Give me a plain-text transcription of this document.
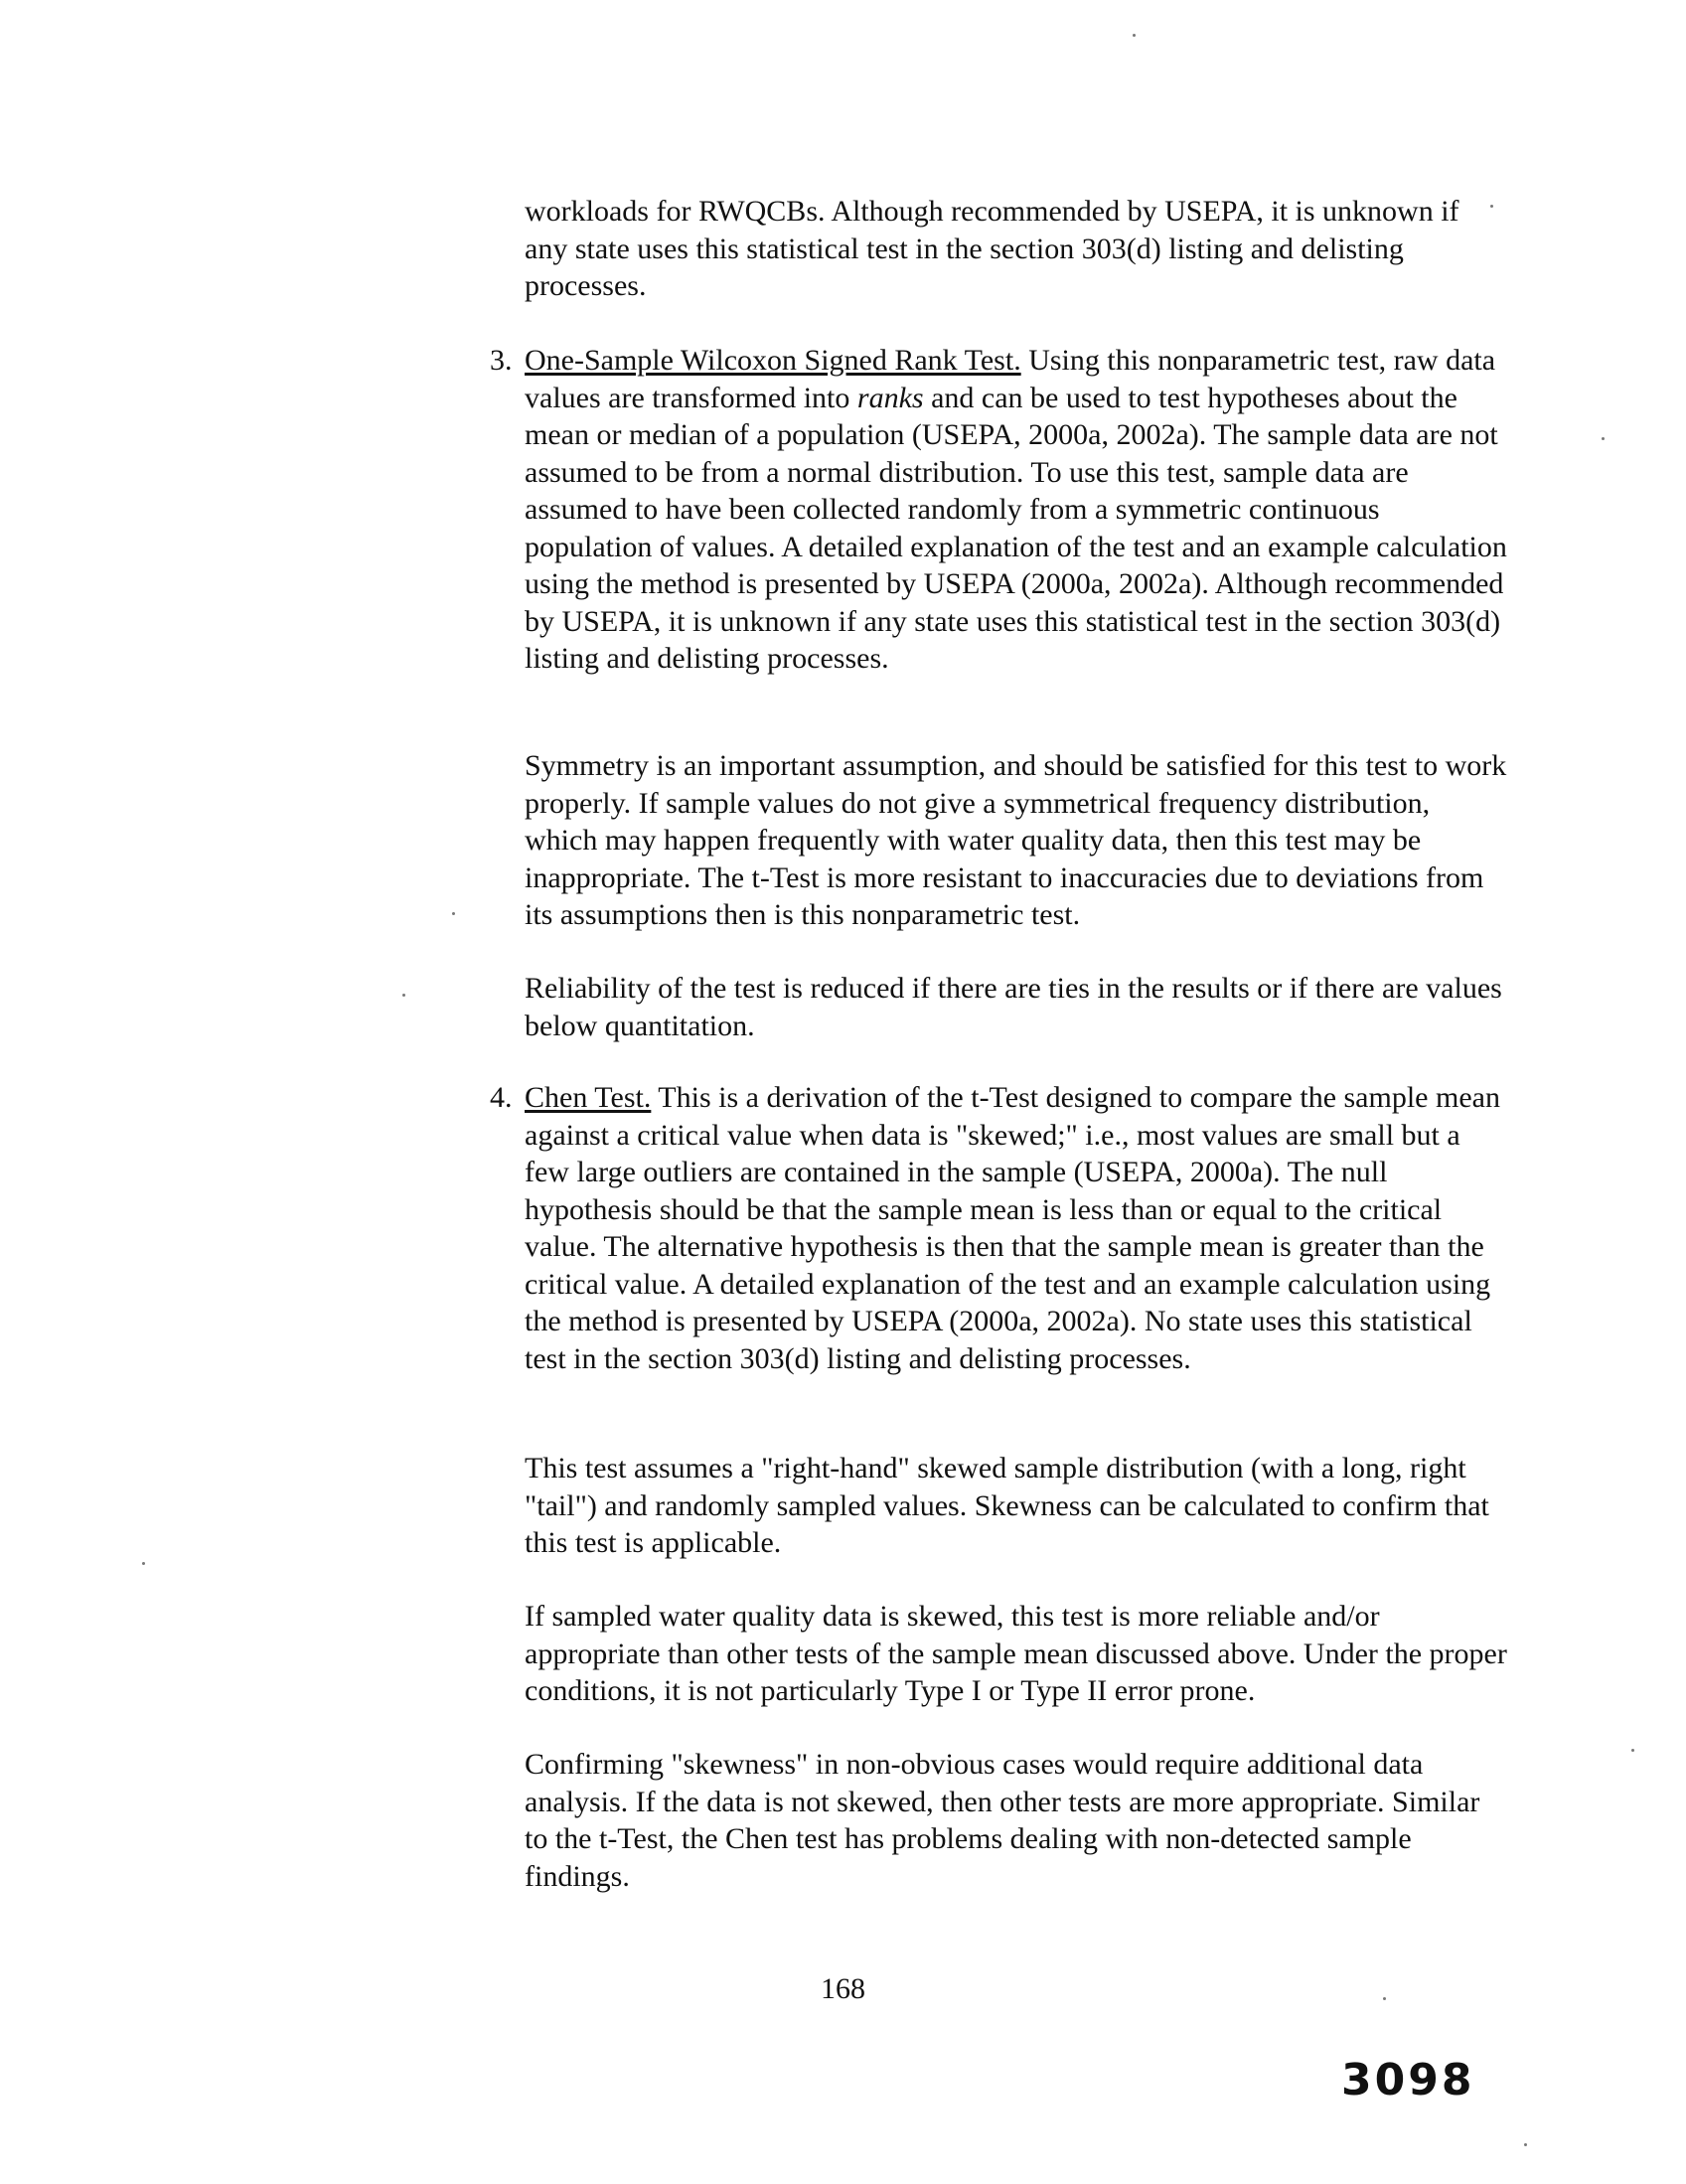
workloads for RWQCBs. Although recommended by USEPA, it is unknown if any state uses this statistical test in the section 303(d) listing and delisting processes.

3. One-Sample Wilcoxon Signed Rank Test. Using this nonparametric test, raw data values are transformed into ranks and can be used to test hypotheses about the mean or median of a population (USEPA, 2000a, 2002a). The sample data are not assumed to be from a normal distribution. To use this test, sample data are assumed to have been collected randomly from a symmetric continuous population of values. A detailed explanation of the test and an example calculation using the method is presented by USEPA (2000a, 2002a). Although recommended by USEPA, it is unknown if any state uses this statistical test in the section 303(d) listing and delisting processes.

Symmetry is an important assumption, and should be satisfied for this test to work properly. If sample values do not give a symmetrical frequency distribution, which may happen frequently with water quality data, then this test may be inappropriate. The t-Test is more resistant to inaccuracies due to deviations from its assumptions then is this nonparametric test.

Reliability of the test is reduced if there are ties in the results or if there are values below quantitation.

4. Chen Test. This is a derivation of the t-Test designed to compare the sample mean against a critical value when data is "skewed;" i.e., most values are small but a few large outliers are contained in the sample (USEPA, 2000a). The null hypothesis should be that the sample mean is less than or equal to the critical value. The alternative hypothesis is then that the sample mean is greater than the critical value. A detailed explanation of the test and an example calculation using the method is presented by USEPA (2000a, 2002a). No state uses this statistical test in the section 303(d) listing and delisting processes.

This test assumes a "right-hand" skewed sample distribution (with a long, right "tail") and randomly sampled values. Skewness can be calculated to confirm that this test is applicable.

If sampled water quality data is skewed, this test is more reliable and/or appropriate than other tests of the sample mean discussed above. Under the proper conditions, it is not particularly Type I or Type II error prone.

Confirming "skewness" in non-obvious cases would require additional data analysis. If the data is not skewed, then other tests are more appropriate. Similar to the t-Test, the Chen test has problems dealing with non-detected sample findings.

168
3098
